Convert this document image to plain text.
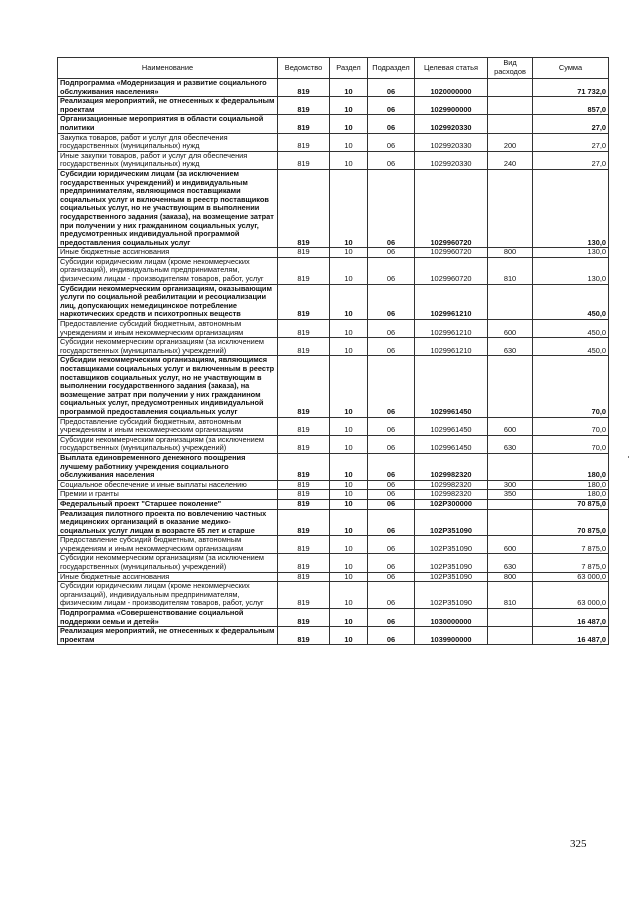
Наименование	Ведомство	Раздел	Подраздел	Целевая статья	Вид расходов	Сумма
Подпрограмма «Модернизация и развитие социального обслуживания населения»	819	10	06	1020000000		71 732,0
Реализация мероприятий, не отнесенных к федеральным проектам	819	10	06	1029900000		857,0
Организационные мероприятия в области социальной политики	819	10	06	1029920330		27,0
Закупка товаров, работ и услуг для обеспечения государственных (муниципальных) нужд	819	10	06	1029920330	200	27,0
Иные закупки товаров, работ и услуг для обеспечения государственных (муниципальных) нужд	819	10	06	1029920330	240	27,0
Субсидии юридическим лицам (за исключением государственных учреждений) и индивидуальным предпринимателям, являющимся поставщиками социальных услуг и включенным в реестр поставщиков социальных услуг, но не участвующим в выполнении государственного задания (заказа), на возмещение затрат при получении у них гражданином социальных услуг, предусмотренных индивидуальной программой предоставления социальных услуг	819	10	06	1029960720		130,0
Иные бюджетные ассигнования	819	10	06	1029960720	800	130,0
Субсидии юридическим лицам (кроме некоммерческих организаций), индивидуальным предпринимателям, физическим лицам - производителям товаров, работ, услуг	819	10	06	1029960720	810	130,0
Субсидии некоммерческим организациям, оказывающим услуги по социальной реабилитации и ресоциализации лиц, допускающих немедицинское потребление наркотических средств и психотропных веществ	819	10	06	1029961210		450,0
Предоставление субсидий бюджетным, автономным учреждениям и иным некоммерческим организациям	819	10	06	1029961210	600	450,0
Субсидии некоммерческим организациям (за исключением государственных (муниципальных) учреждений)	819	10	06	1029961210	630	450,0
Субсидии некоммерческим организациям, являющимся поставщиками социальных услуг и включенным в реестр поставщиков социальных услуг, но не участвующим в выполнении государственного задания (заказа), на возмещение затрат при получении у них гражданином социальных услуг, предусмотренных индивидуальной программой предоставления социальных услуг	819	10	06	1029961450		70,0
Предоставление субсидий бюджетным, автономным учреждениям и иным некоммерческим организациям	819	10	06	1029961450	600	70,0
Субсидии некоммерческим организациям (за исключением государственных (муниципальных) учреждений)	819	10	06	1029961450	630	70,0
Выплата единовременного денежного поощрения лучшему работнику учреждения социального обслуживания населения	819	10	06	1029982320		180,0
Социальное обеспечение и иные выплаты населению	819	10	06	1029982320	300	180,0
Премии и гранты	819	10	06	1029982320	350	180,0
Федеральный проект "Старшее поколение"	819	10	06	102P300000		70 875,0
Реализация пилотного проекта по вовлечению частных медицинских организаций в оказание медико-социальных услуг лицам в возрасте 65 лет и старше	819	10	06	102P351090		70 875,0
Предоставление субсидий бюджетным, автономным учреждениям и иным некоммерческим организациям	819	10	06	102P351090	600	7 875,0
Субсидии некоммерческим организациям (за исключением государственных (муниципальных) учреждений)	819	10	06	102P351090	630	7 875,0
Иные бюджетные ассигнования	819	10	06	102P351090	800	63 000,0
Субсидии юридическим лицам (кроме некоммерческих организаций), индивидуальным предпринимателям, физическим лицам - производителям товаров, работ, услуг	819	10	06	102P351090	810	63 000,0
Подпрограмма «Совершенствование социальной поддержки семьи и детей»	819	10	06	1030000000		16 487,0
Реализация мероприятий, не отнесенных к федеральным проектам	819	10	06	1039900000		16 487,0
325
